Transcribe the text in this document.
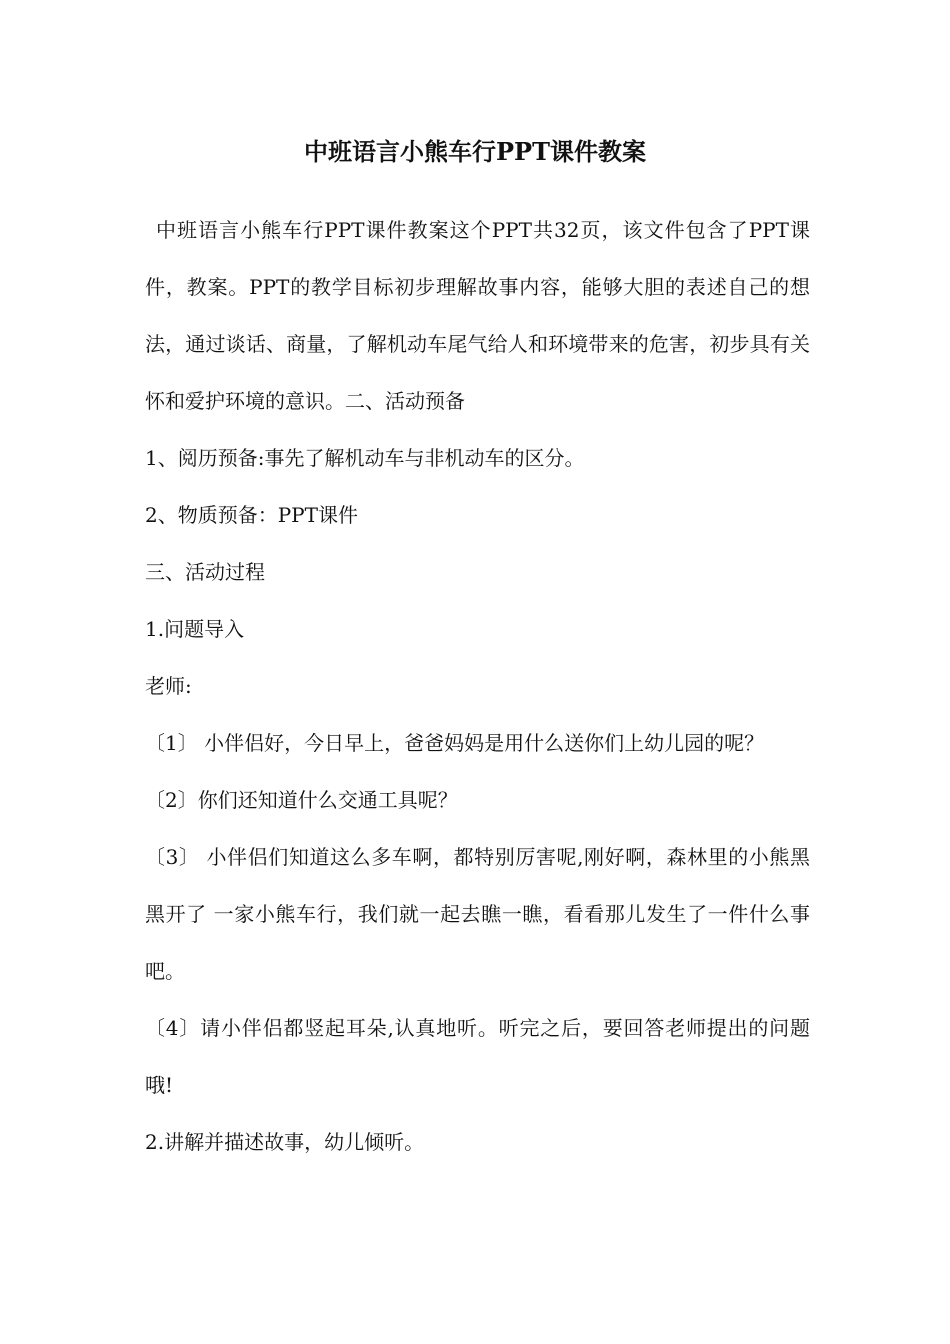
中班语言小熊车行PPT课件教案

中班语言小熊车行PPT课件教案这个PPT共32页，该文件包含了PPT课件，教案。PPT的教学目标初步理解故事内容，能够大胆的表述自己的想法，通过谈话、商量，了解机动车尾气给人和环境带来的危害，初步具有关怀和爱护环境的意识。二、活动预备

1、阅历预备:事先了解机动车与非机动车的区分。

2、物质预备：PPT课件

三、活动过程

1.问题导入

老师:

〔1〕 小伴侣好，今日早上，爸爸妈妈是用什么送你们上幼儿园的呢？

〔2〕你们还知道什么交通工具呢？

〔3〕 小伴侣们知道这么多车啊，都特别厉害呢,刚好啊，森林里的小熊黑黑开了 一家小熊车行，我们就一起去瞧一瞧，看看那儿发生了一件什么事吧。

〔4〕请小伴侣都竖起耳朵,认真地听。听完之后，要回答老师提出的问题哦!

2.讲解并描述故事，幼儿倾听。
